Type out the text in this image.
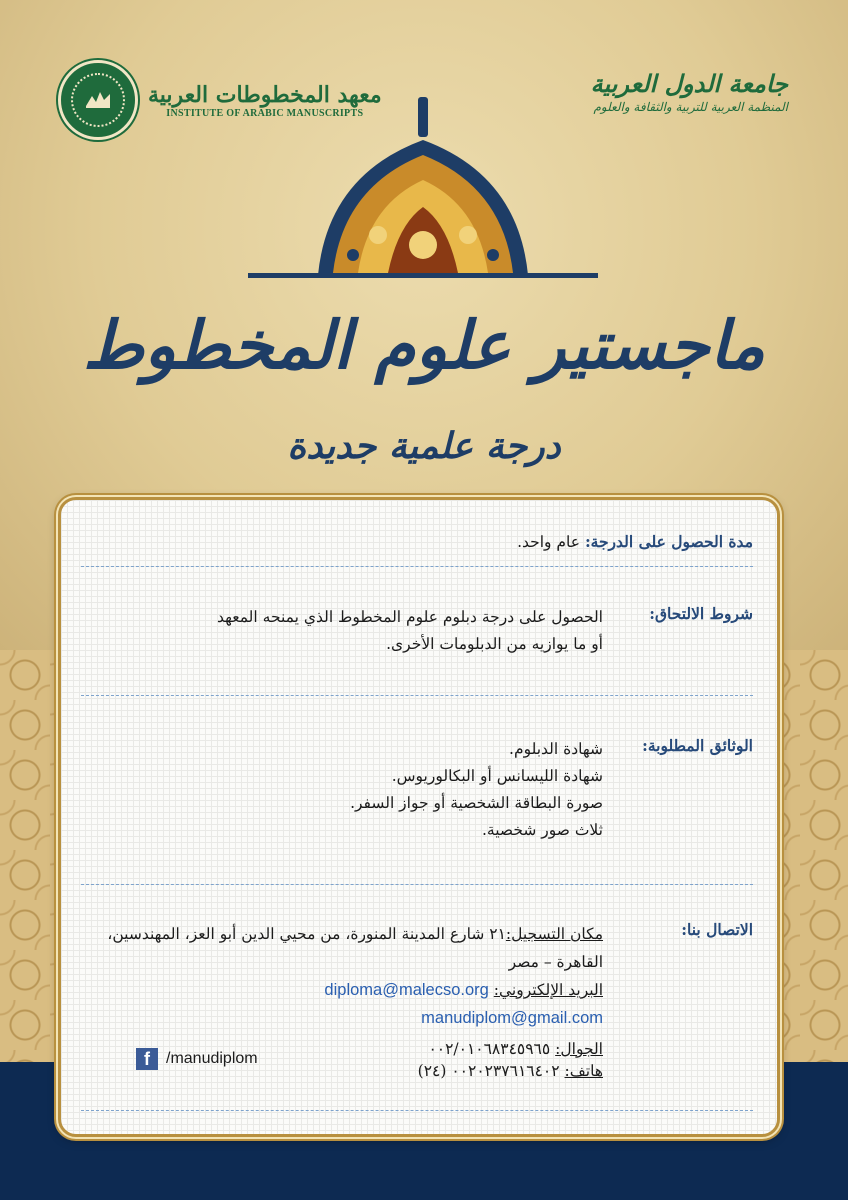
معهد المخطوطات العربية
INSTITUTE OF ARABIC MANUSCRIPTS
جامعة الدول العربية
المنظمة العربية للتربية والثقافة والعلوم
ماجستير علوم المخطوط
درجة علمية جديدة
مدة الحصول على الدرجة: عام واحد.
شروط الالتحاق:
الحصول على درجة دبلوم علوم المخطوط الذي يمنحه المعهد
أو ما يوازيه من الدبلومات الأخرى.
الوثائق المطلوبة:
شهادة الدبلوم.
شهادة الليسانس أو البكالوريوس.
صورة البطاقة الشخصية أو جواز السفر.
ثلاث صور شخصية.
الاتصال بنا:
مكان التسجيل:٢١ شارع المدينة المنورة، من محيي الدين أبو العز، المهندسين،
القاهرة – مصر
البريد الإلكتروني: diploma@malecso.org
manudiplom@gmail.com
الجوال: ٠٠٢/٠١٠٦٨٣٤٥٩٦٥
هاتف: ٠٠٢٠٢٣٧٦١٦٤٠٢ (٢٤)
f	/manudiplom
